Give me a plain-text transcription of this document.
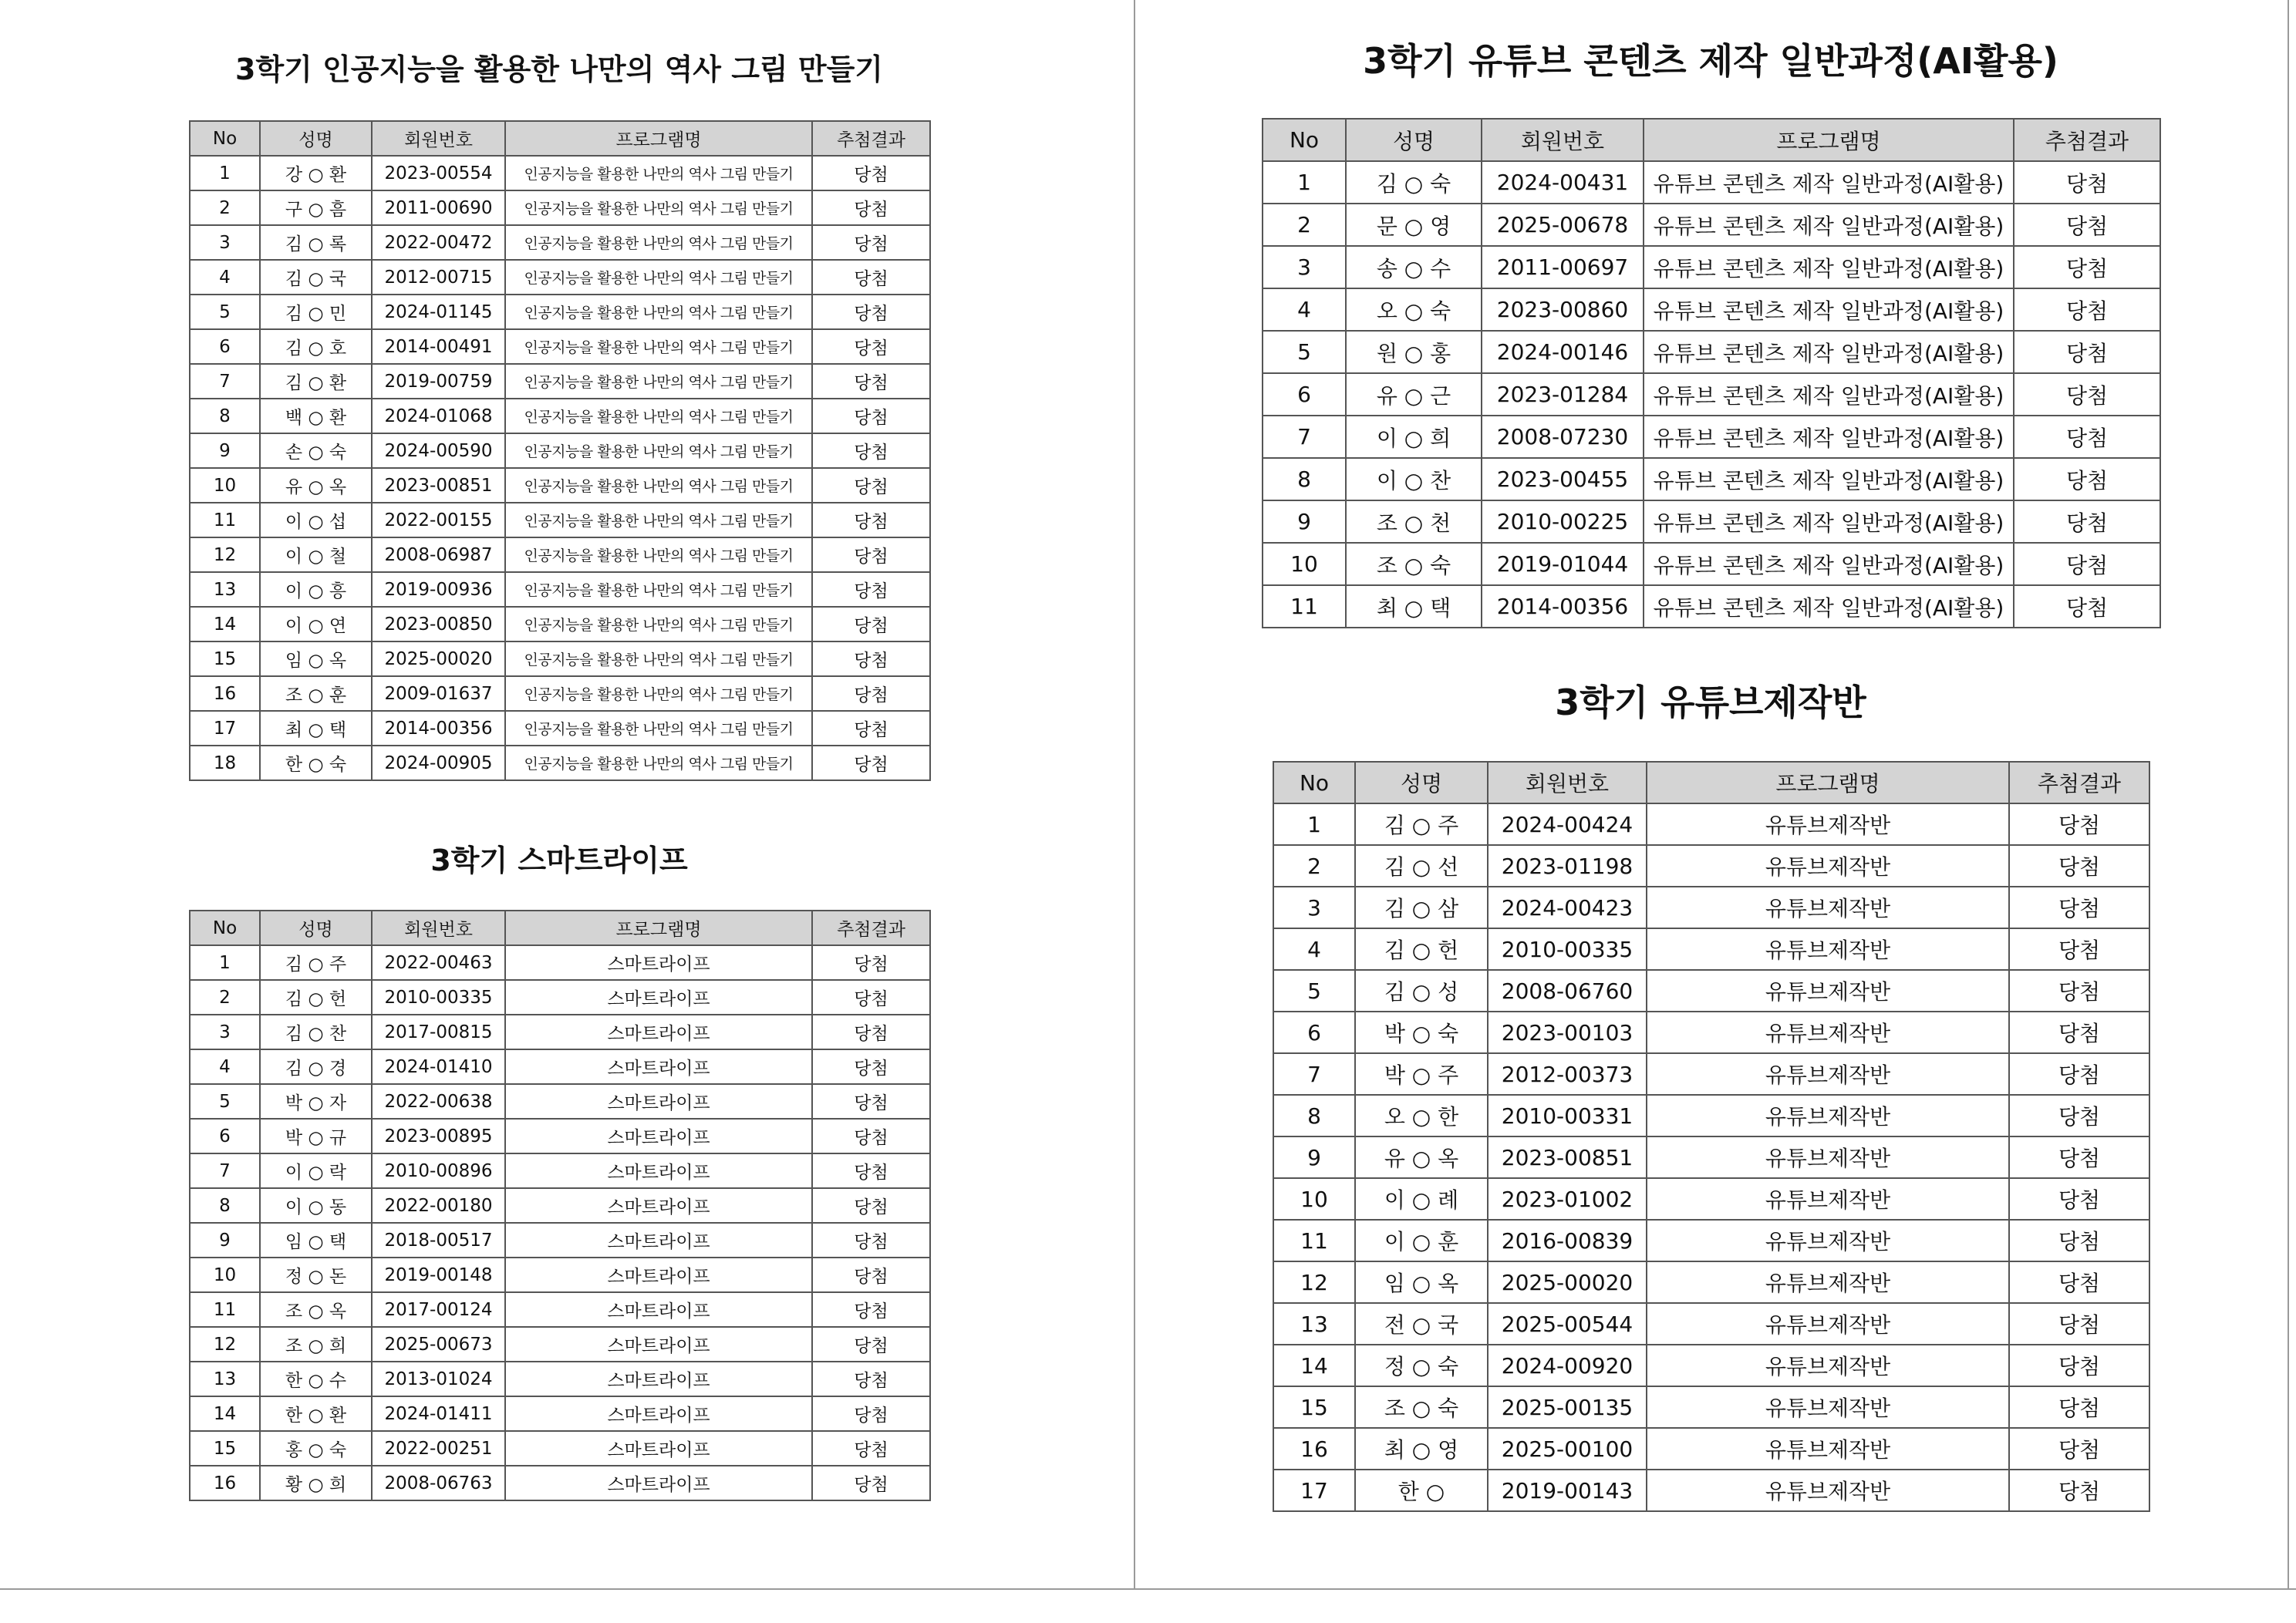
3학기 인공지능을 활용한 나만의 역사 그림 만들기
No	성명	회원번호	프로그램명	추첨결과
1	강 ○ 환	2023-00554	인공지능을 활용한 나만의 역사 그림 만들기	당첨
2	구 ○ 흠	2011-00690	인공지능을 활용한 나만의 역사 그림 만들기	당첨
3	김 ○ 록	2022-00472	인공지능을 활용한 나만의 역사 그림 만들기	당첨
4	김 ○ 국	2012-00715	인공지능을 활용한 나만의 역사 그림 만들기	당첨
5	김 ○ 민	2024-01145	인공지능을 활용한 나만의 역사 그림 만들기	당첨
6	김 ○ 호	2014-00491	인공지능을 활용한 나만의 역사 그림 만들기	당첨
7	김 ○ 환	2019-00759	인공지능을 활용한 나만의 역사 그림 만들기	당첨
8	백 ○ 환	2024-01068	인공지능을 활용한 나만의 역사 그림 만들기	당첨
9	손 ○ 숙	2024-00590	인공지능을 활용한 나만의 역사 그림 만들기	당첨
10	유 ○ 옥	2023-00851	인공지능을 활용한 나만의 역사 그림 만들기	당첨
11	이 ○ 섭	2022-00155	인공지능을 활용한 나만의 역사 그림 만들기	당첨
12	이 ○ 철	2008-06987	인공지능을 활용한 나만의 역사 그림 만들기	당첨
13	이 ○ 흥	2019-00936	인공지능을 활용한 나만의 역사 그림 만들기	당첨
14	이 ○ 연	2023-00850	인공지능을 활용한 나만의 역사 그림 만들기	당첨
15	임 ○ 옥	2025-00020	인공지능을 활용한 나만의 역사 그림 만들기	당첨
16	조 ○ 훈	2009-01637	인공지능을 활용한 나만의 역사 그림 만들기	당첨
17	최 ○ 택	2014-00356	인공지능을 활용한 나만의 역사 그림 만들기	당첨
18	한 ○ 숙	2024-00905	인공지능을 활용한 나만의 역사 그림 만들기	당첨
3학기 스마트라이프
No	성명	회원번호	프로그램명	추첨결과
1	김 ○ 주	2022-00463	스마트라이프	당첨
2	김 ○ 헌	2010-00335	스마트라이프	당첨
3	김 ○ 찬	2017-00815	스마트라이프	당첨
4	김 ○ 경	2024-01410	스마트라이프	당첨
5	박 ○ 자	2022-00638	스마트라이프	당첨
6	박 ○ 규	2023-00895	스마트라이프	당첨
7	이 ○ 락	2010-00896	스마트라이프	당첨
8	이 ○ 동	2022-00180	스마트라이프	당첨
9	임 ○ 택	2018-00517	스마트라이프	당첨
10	정 ○ 돈	2019-00148	스마트라이프	당첨
11	조 ○ 옥	2017-00124	스마트라이프	당첨
12	조 ○ 희	2025-00673	스마트라이프	당첨
13	한 ○ 수	2013-01024	스마트라이프	당첨
14	한 ○ 환	2024-01411	스마트라이프	당첨
15	홍 ○ 숙	2022-00251	스마트라이프	당첨
16	황 ○ 희	2008-06763	스마트라이프	당첨
3학기 유튜브 콘텐츠 제작 일반과정(AI활용)
No	성명	회원번호	프로그램명	추첨결과
1	김 ○ 숙	2024-00431	유튜브 콘텐츠 제작 일반과정(AI활용)	당첨
2	문 ○ 영	2025-00678	유튜브 콘텐츠 제작 일반과정(AI활용)	당첨
3	송 ○ 수	2011-00697	유튜브 콘텐츠 제작 일반과정(AI활용)	당첨
4	오 ○ 숙	2023-00860	유튜브 콘텐츠 제작 일반과정(AI활용)	당첨
5	원 ○ 홍	2024-00146	유튜브 콘텐츠 제작 일반과정(AI활용)	당첨
6	유 ○ 근	2023-01284	유튜브 콘텐츠 제작 일반과정(AI활용)	당첨
7	이 ○ 희	2008-07230	유튜브 콘텐츠 제작 일반과정(AI활용)	당첨
8	이 ○ 찬	2023-00455	유튜브 콘텐츠 제작 일반과정(AI활용)	당첨
9	조 ○ 천	2010-00225	유튜브 콘텐츠 제작 일반과정(AI활용)	당첨
10	조 ○ 숙	2019-01044	유튜브 콘텐츠 제작 일반과정(AI활용)	당첨
11	최 ○ 택	2014-00356	유튜브 콘텐츠 제작 일반과정(AI활용)	당첨
3학기 유튜브제작반
No	성명	회원번호	프로그램명	추첨결과
1	김 ○ 주	2024-00424	유튜브제작반	당첨
2	김 ○ 선	2023-01198	유튜브제작반	당첨
3	김 ○ 삼	2024-00423	유튜브제작반	당첨
4	김 ○ 헌	2010-00335	유튜브제작반	당첨
5	김 ○ 성	2008-06760	유튜브제작반	당첨
6	박 ○ 숙	2023-00103	유튜브제작반	당첨
7	박 ○ 주	2012-00373	유튜브제작반	당첨
8	오 ○ 한	2010-00331	유튜브제작반	당첨
9	유 ○ 옥	2023-00851	유튜브제작반	당첨
10	이 ○ 례	2023-01002	유튜브제작반	당첨
11	이 ○ 훈	2016-00839	유튜브제작반	당첨
12	임 ○ 옥	2025-00020	유튜브제작반	당첨
13	전 ○ 국	2025-00544	유튜브제작반	당첨
14	정 ○ 숙	2024-00920	유튜브제작반	당첨
15	조 ○ 숙	2025-00135	유튜브제작반	당첨
16	최 ○ 영	2025-00100	유튜브제작반	당첨
17	한 ○	2019-00143	유튜브제작반	당첨
